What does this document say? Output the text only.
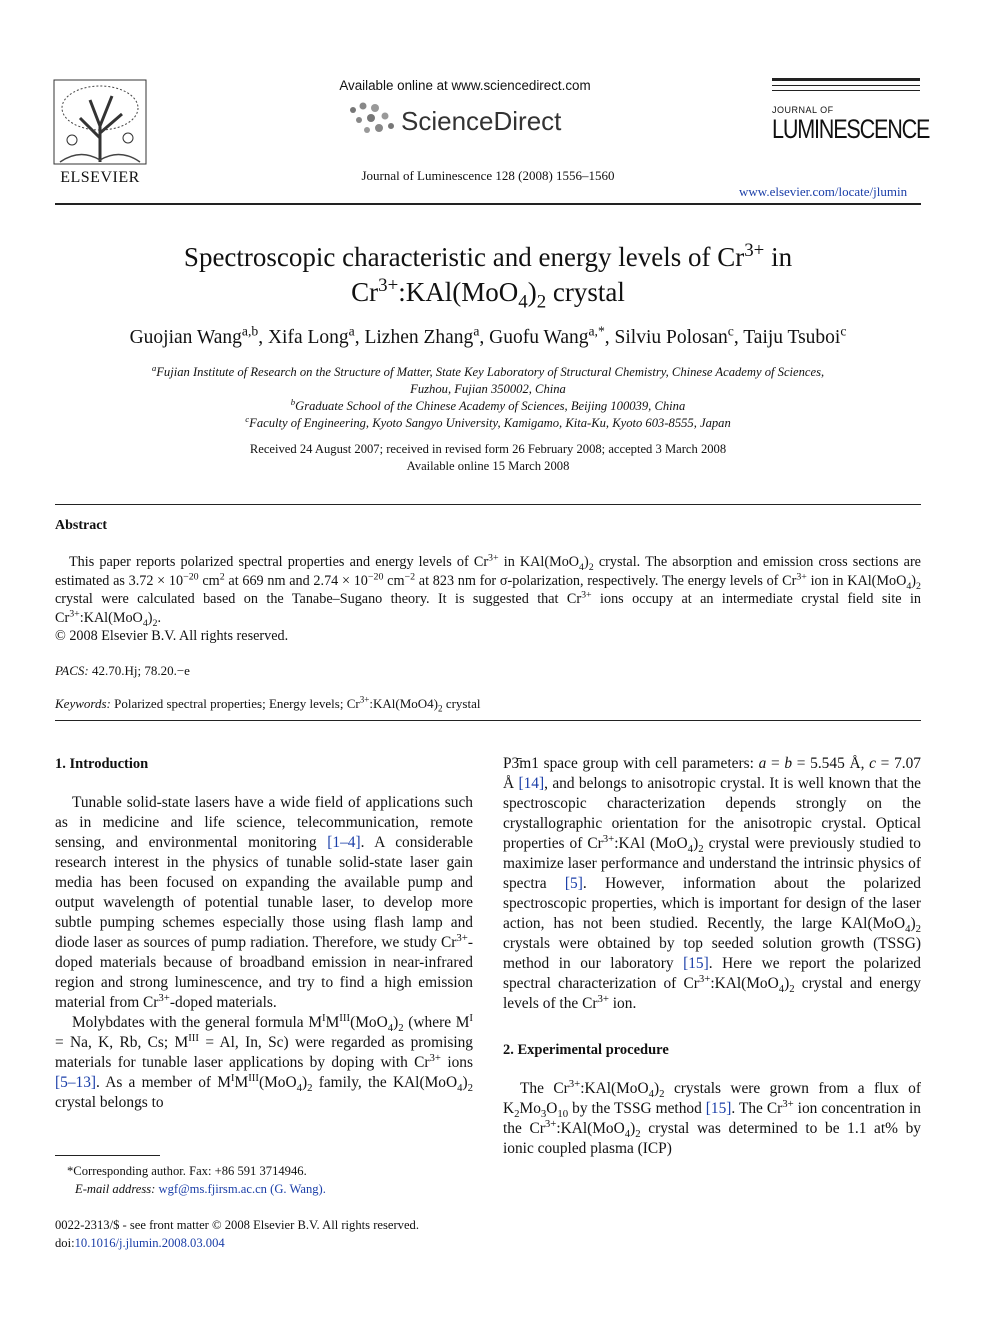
ELSEVIER
Available online at www.sciencedirect.com
ScienceDirect
Journal of Luminescence 128 (2008) 1556–1560
JOURNAL OF
LUMINESCENCE
www.elsevier.com/locate/jlumin
Spectroscopic characteristic and energy levels of $Cr^{3+}$ in
$Cr^{3+}:KAl(MoO_4)_2$ crystal
Guojian Wang$^{a,b}$, Xifa Long$^a$, Lizhen Zhang$^a$, Guofu Wang$^{a,*}$, Silviu Polosan$^c$, Taiju Tsuboi$^c$
$^a$Fujian Institute of Research on the Structure of Matter, State Key Laboratory of Structural Chemistry, Chinese Academy of Sciences,
Fuzhou, Fujian 350002, China
$^b$Graduate School of the Chinese Academy of Sciences, Beijing 100039, China
$^c$Faculty of Engineering, Kyoto Sangyo University, Kamigamo, Kita-Ku, Kyoto 603-8555, Japan
Received 24 August 2007; received in revised form 26 February 2008; accepted 3 March 2008
Available online 15 March 2008
Abstract
This paper reports polarized spectral properties and energy levels of $Cr^{3+}$ in $KAl(MoO_4)_2$ crystal. The absorption and emission cross sections are estimated as $3.72 \times 10^{-20}$ $cm^2$ at 669 nm and $2.74 \times 10^{-20}$ $cm^{-2}$ at 823 nm for σ-polarization, respectively. The energy levels of $Cr^{3+}$ ion in $KAl(MoO_4)_2$ crystal were calculated based on the Tanabe–Sugano theory. It is suggested that $Cr^{3+}$ ions occupy at an intermediate crystal field site in $Cr^{3+}:KAl(MoO_4)_2$.
© 2008 Elsevier B.V. All rights reserved.
PACS: 42.70.Hj; 78.20.−e
Keywords: Polarized spectral properties; Energy levels; $Cr^{3+}:KAl(MoO4)_2$ crystal
1. Introduction

Tunable solid-state lasers have a wide field of applications such as in medicine and life science, telecommunication, remote sensing, and environmental monitoring [1–4]. A considerable research interest in the physics of tunable solid-state laser gain media has been focused on expanding the available pump and output wavelength of potential tunable laser, to develop more subtle pumping schemes especially those using flash lamp and diode laser as sources of pump radiation. Therefore, we study $Cr^{3+}$-doped materials because of broadband emission in near-infrared region and strong luminescence, and try to find a high emission material from $Cr^{3+}$-doped materials.

Molybdates with the general formula $M^IM^{III}(MoO_4)_2$ (where $M^I = Na$, K, Rb, Cs; $M^{III} = Al$, In, Sc) were regarded as promising materials for tunable laser applications by doping with $Cr^{3+}$ ions [5–13]. As a member of $M^IM^{III}(MoO_4)_2$ family, the $KAl(MoO_4)_2$ crystal belongs to

P3̄m1 space group with cell parameters: a = b = 5.545 Å, c = 7.07 Å [14], and belongs to anisotropic crystal. It is well known that the spectroscopic characterization depends strongly on the crystallographic orientation for the anisotropic crystal. Optical properties of $Cr^{3+}:KAl$ $(MoO_4)_2$ crystal were previously studied to maximize laser performance and understand the intrinsic physics of spectra [5]. However, information about the polarized spectroscopic properties, which is important for design of the laser action, has not been studied. Recently, the large $KAl(MoO_4)_2$ crystals were obtained by top seeded solution growth (TSSG) method in our laboratory [15]. Here we report the polarized spectral characterization of $Cr^{3+}:KAl(MoO_4)_2$ crystal and energy levels of the $Cr^{3+}$ ion.

2. Experimental procedure

The $Cr^{3+}:KAl(MoO_4)_2$ crystals were grown from a flux of $K_2Mo_3O_{10}$ by the TSSG method [15]. The $Cr^{3+}$ ion concentration in the $Cr^{3+}:KAl(MoO_4)_2$ crystal was determined to be 1.1 at% by ionic coupled plasma (ICP)

*Corresponding author. Fax: +86 591 3714946.
E-mail address: wgf@ms.fjirsm.ac.cn (G. Wang).
0022-2313/$ - see front matter © 2008 Elsevier B.V. All rights reserved.
doi:10.1016/j.jlumin.2008.03.004
